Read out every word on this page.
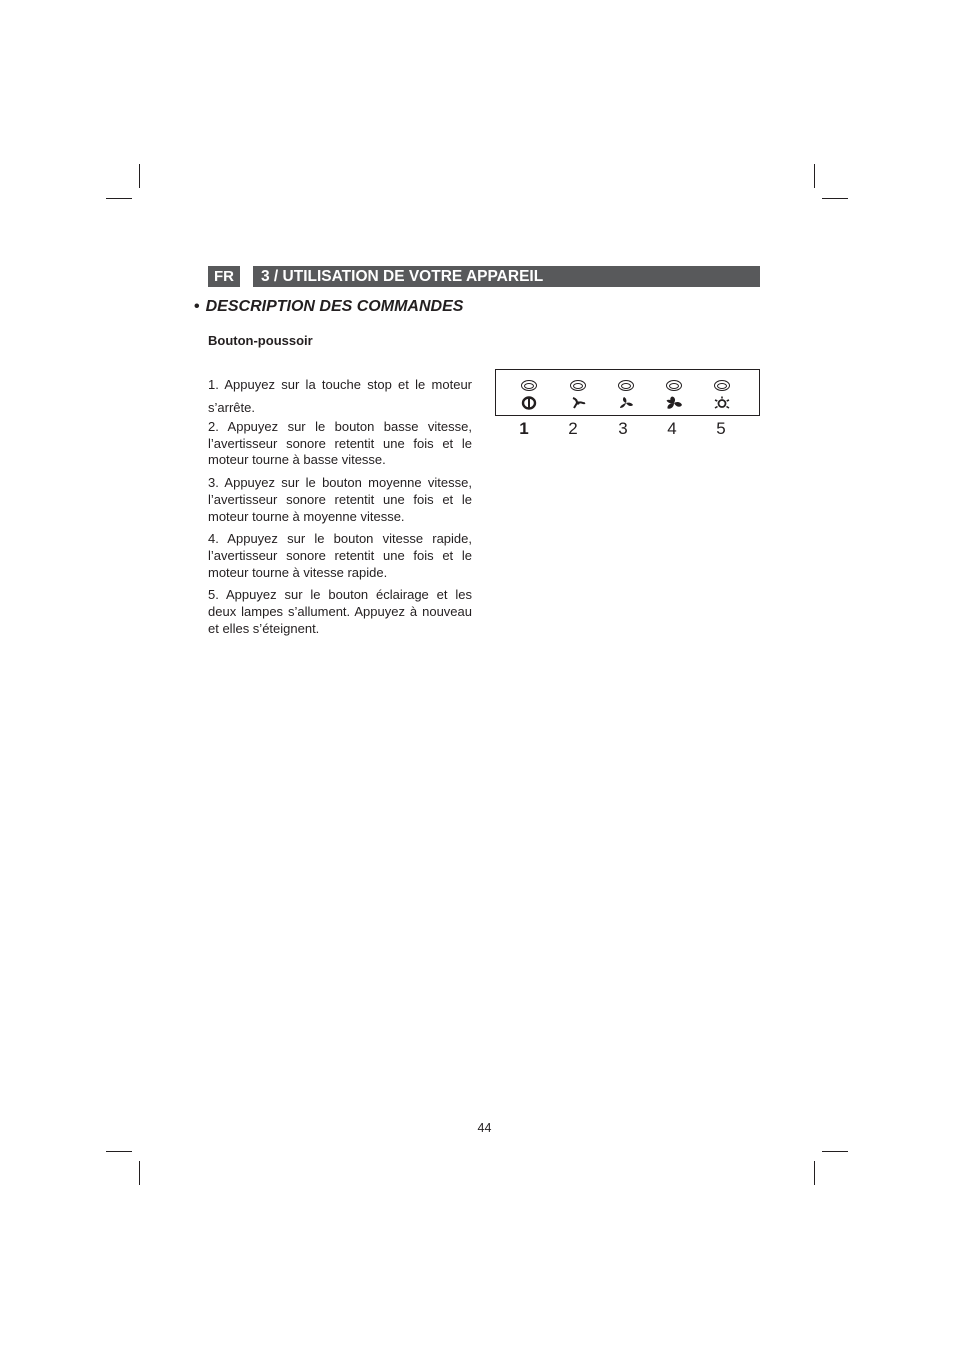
FR	3 / UTILISATION DE VOTRE APPAREIL
• DESCRIPTION DES COMMANDES
Bouton-poussoir

1. Appuyez sur la touche stop et le moteur s’arrête.

2. Appuyez sur le bouton basse vitesse, l’avertisseur sonore retentit une fois et le moteur tourne à basse vitesse.

3. Appuyez sur le bouton moyenne vitesse, l’avertisseur sonore retentit une fois et le moteur tourne à moyenne vitesse.

4. Appuyez sur le bouton vitesse rapide, l’avertisseur sonore retentit une fois et le moteur tourne à vitesse rapide.

5. Appuyez sur le bouton éclairage et les deux lampes s’allument. Appuyez à nouveau et elles s’éteignent.

1	2	3	4	5
44
